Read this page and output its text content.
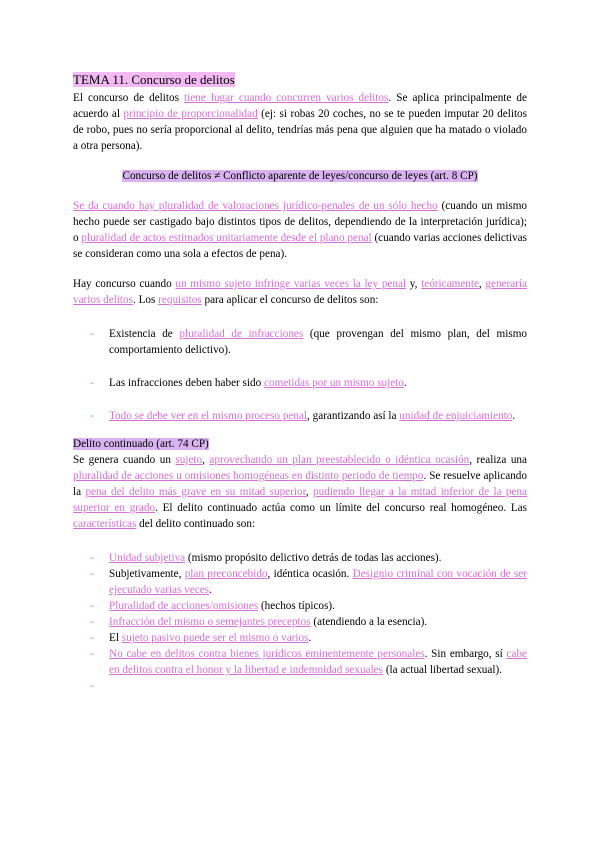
TEMA 11. Concurso de delitos

El concurso de delitos tiene lugar cuando concurren varios delitos. Se aplica principalmente de acuerdo al principio de proporcionalidad (ej: si robas 20 coches, no se te pueden imputar 20 delitos de robo, pues no sería proporcional al delito, tendrías más pena que alguien que ha matado o violado a otra persona).

Concurso de delitos ≠ Conflicto aparente de leyes/concurso de leyes (art. 8 CP)

Se da cuando hay pluralidad de valoraciones jurídico-penales de un sólo hecho (cuando un mismo hecho puede ser castigado bajo distintos tipos de delitos, dependiendo de la interpretación jurídica); o pluralidad de actos estimados unitariamente desde el plano penal (cuando varias acciones delictivas se consideran como una sola a efectos de pena).

Hay concurso cuando un mismo sujeto infringe varias veces la ley penal y, teóricamente, generaría varios delitos. Los requisitos para aplicar el concurso de delitos son:

- Existencia de pluralidad de infracciones (que provengan del mismo plan, del mismo comportamiento delictivo).
- Las infracciones deben haber sido cometidas por un mismo sujeto.
- Todo se debe ver en el mismo proceso penal, garantizando así la unidad de enjuiciamiento.

Delito continuado (art. 74 CP)

Se genera cuando un sujeto, aprovechando un plan preestablecido o idéntica ocasión, realiza una pluralidad de acciones u omisiones homogéneas en distinto periodo de tiempo. Se resuelve aplicando la pena del delito más grave en su mitad superior, pudiendo llegar a la mitad inferior de la pena superior en grado. El delito continuado actúa como un límite del concurso real homogéneo. Las características del delito continuado son:

- Unidad subjetiva (mismo propósito delictivo detrás de todas las acciones).
- Subjetivamente, plan preconcebido, idéntica ocasión. Designio criminal con vocación de ser ejecutado varias veces.
- Pluralidad de acciones/omisiones (hechos típicos).
- Infracción del mismo o semejantes preceptos (atendiendo a la esencia).
- El sujeto pasivo puede ser el mismo o varios.
- No cabe en delitos contra bienes jurídicos eminentemente personales. Sin embargo, sí cabe en delitos contra el honor y la libertad e indemnidad sexuales (la actual libertad sexual).
-
